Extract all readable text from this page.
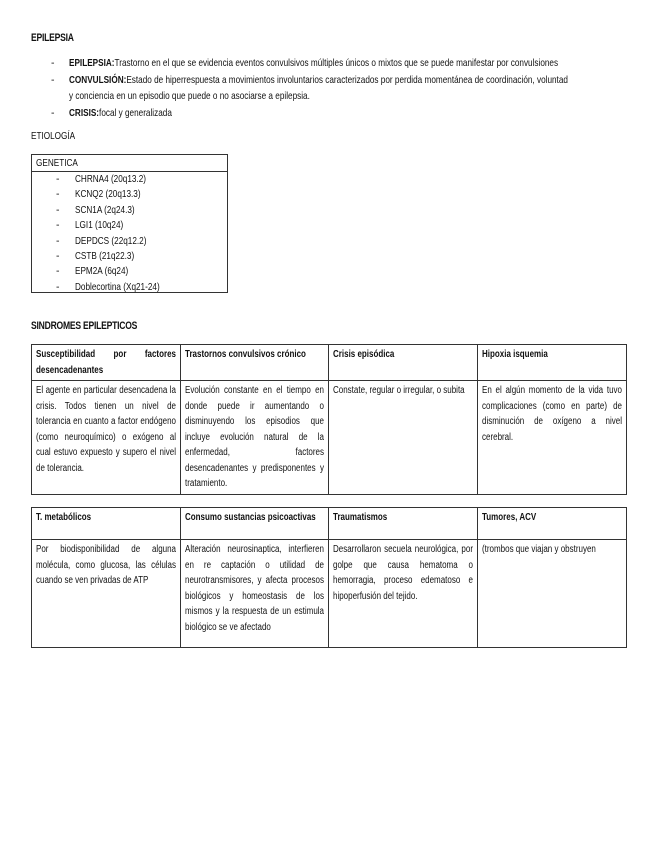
EPILEPSIA
- EPILEPSIA:Trastorno en el que se evidencia eventos convulsivos múltiples únicos o mixtos que se puede manifestar por convulsiones
- CONVULSIÓN:Estado de hiperrespuesta a movimientos involuntarios caracterizados por perdida momentánea de coordinación, voluntad
y conciencia en un episodio que puede o no asociarse a epilepsia.
- CRISIS:focal y generalizada
ETIOLOGÍA
GENETICA
- CHRNA4 (20q13.2)
- KCNQ2 (20q13.3)
- SCN1A (2q24.3)
- LGI1 (10q24)
- DEPDCS (22q12.2)
- CSTB (21q22.3)
- EPM2A (6q24)
- Doblecortina (Xq21-24)
SINDROMES EPILEPTICOS
Susceptibilidad por factores desencadenantes	Trastornos convulsivos crónico	Crisis episódica	Hipoxia isquemia

El agente en particular desencadena la crisis. Todos tienen un nivel de tolerancia en cuanto a factor endógeno (como neuroquímico) o exógeno al cual estuvo expuesto y supero el nivel de tolerancia.	Evolución constante en el tiempo en donde puede ir aumentando o disminuyendo los episodios que incluye evolución natural de la enfermedad, factores desencadenantes y predisponentes y tratamiento.	Constate, regular o irregular, o subita	En el algún momento de la vida tuvo complicaciones (como en parte) de disminución de oxígeno a nivel cerebral.
T. metabólicos	Consumo sustancias psicoactivas	Traumatismos	Tumores, ACV

Por biodisponibilidad de alguna molécula, como glucosa, las células cuando se ven privadas de ATP	Alteración neurosinaptica, interfieren en re captación o utilidad de neurotransmisores, y afecta procesos biológicos y homeostasis de los mismos y la respuesta de un estimula biológico se ve afectado	Desarrollaron secuela neurológica, por golpe que causa hematoma o hemorragia, proceso edematoso e hipoperfusión del tejido.	(trombos que viajan y obstruyen
